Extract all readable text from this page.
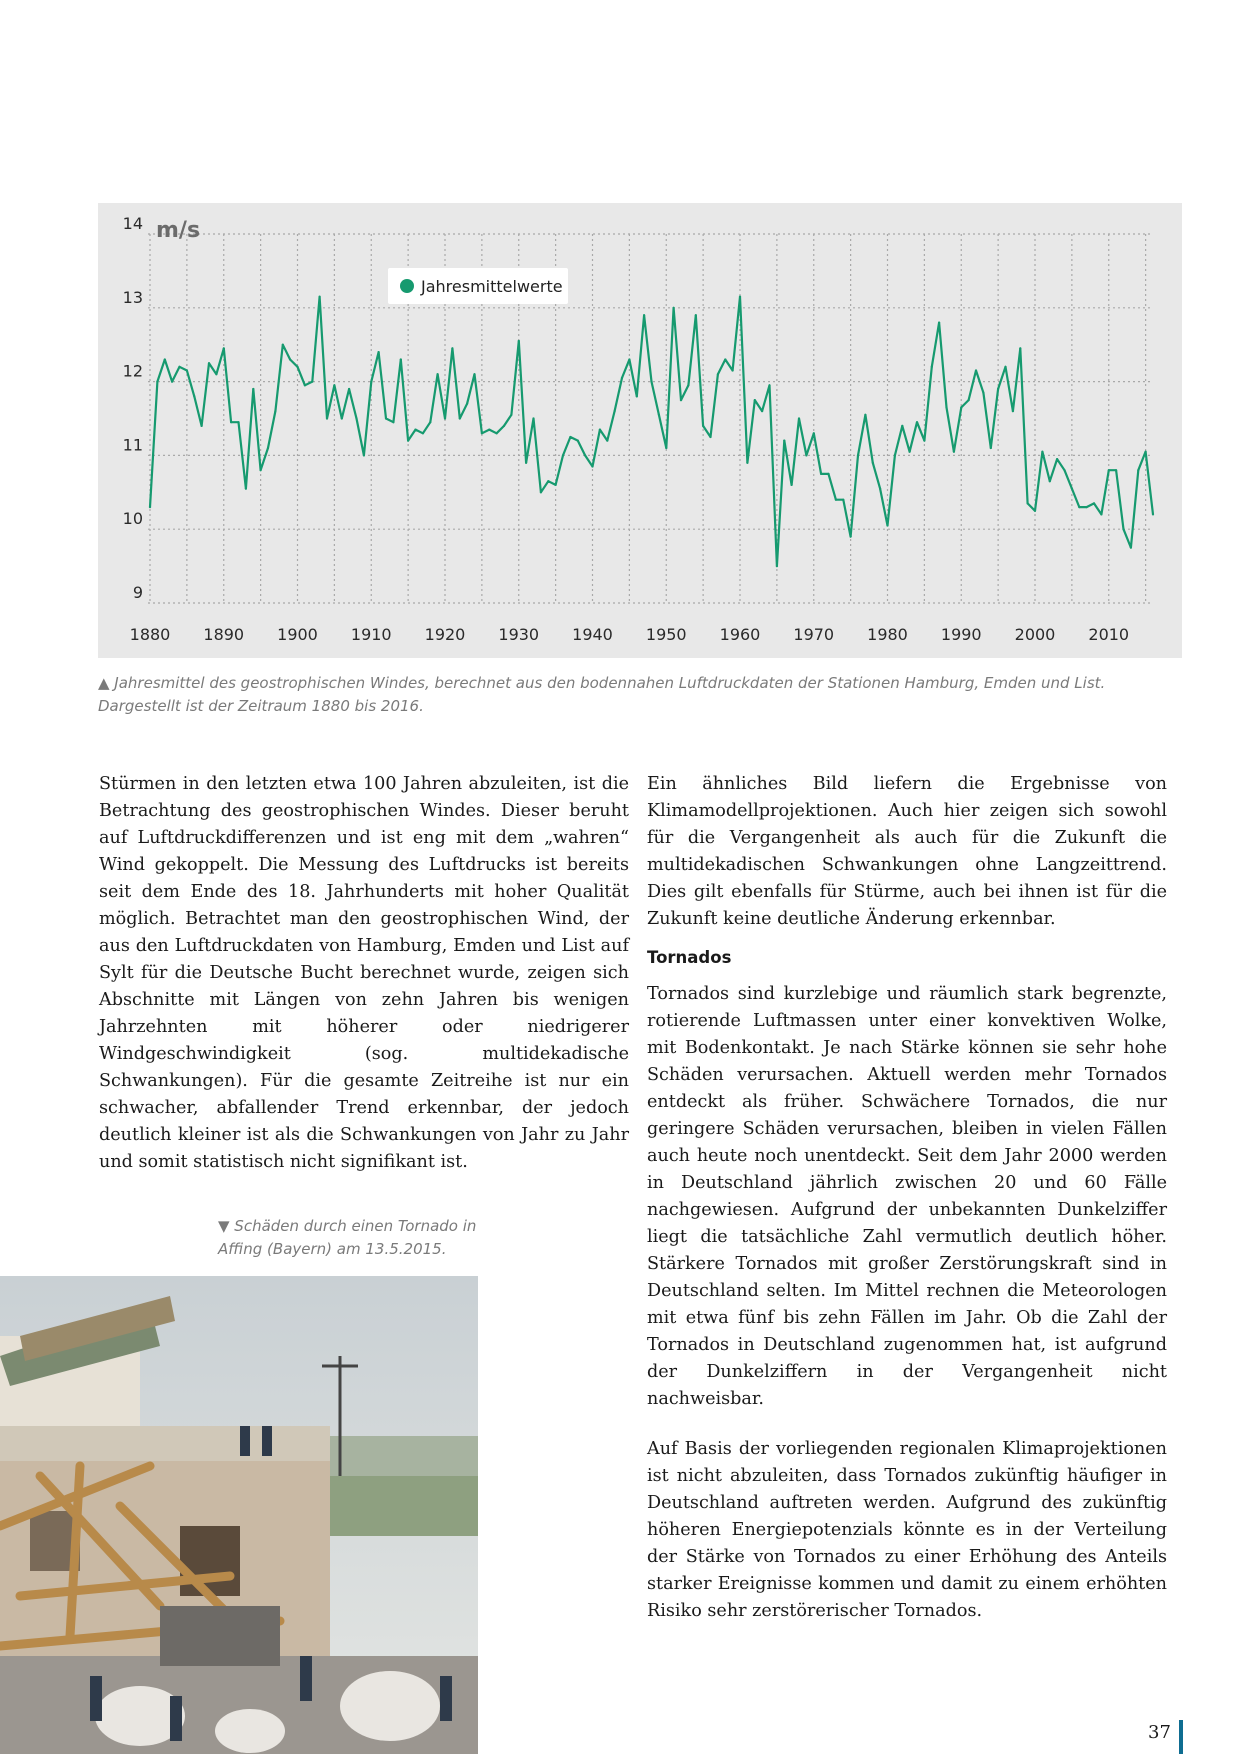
9
10
11
12
13
14
1880 1890 1900 1910 1920 1930 1940 1950 1960 1970 1980 1990 2000 2010
m/s
Jahresmittelwerte

▲ Jahresmittel des geostrophischen Windes, berechnet aus den bodennahen Luftdruckdaten der Stationen Hamburg, Emden und List. Dargestellt ist der Zeitraum 1880 bis 2016.

Stürmen in den letzten etwa 100 Jahren abzuleiten, ist die Betrachtung des geostrophischen Windes. Dieser beruht auf Luftdruckdifferenzen und ist eng mit dem „wahren“ Wind gekoppelt. Die Messung des Luftdrucks ist bereits seit dem Ende des 18. Jahrhunderts mit hoher Qualität möglich. Betrachtet man den geostrophischen Wind, der aus den Luftdruckdaten von Hamburg, Emden und List auf Sylt für die Deutsche Bucht berechnet wurde, zeigen sich Abschnitte mit Längen von zehn Jahren bis wenigen Jahrzehnten mit höherer oder niedrigerer Windgeschwindigkeit (sog. multidekadische Schwankungen). Für die gesamte Zeitreihe ist nur ein schwacher, abfallender Trend erkennbar, der jedoch deutlich kleiner ist als die Schwankungen von Jahr zu Jahr und somit statistisch nicht signifikant ist.

▼ Schäden durch einen Tornado in Affing (Bayern) am 13.5.2015.

Ein ähnliches Bild liefern die Ergebnisse von Klimamodellprojektionen. Auch hier zeigen sich sowohl für die Vergangenheit als auch für die Zukunft die multidekadischen Schwankungen ohne Langzeittrend. Dies gilt ebenfalls für Stürme, auch bei ihnen ist für die Zukunft keine deutliche Änderung erkennbar.

Tornados

Tornados sind kurzlebige und räumlich stark begrenzte, rotierende Luftmassen unter einer konvektiven Wolke, mit Bodenkontakt. Je nach Stärke können sie sehr hohe Schäden verursachen. Aktuell werden mehr Tornados entdeckt als früher. Schwächere Tornados, die nur geringere Schäden verursachen, bleiben in vielen Fällen auch heute noch unentdeckt. Seit dem Jahr 2000 werden in Deutschland jährlich zwischen 20 und 60 Fälle nachgewiesen. Aufgrund der unbekannten Dunkelziffer liegt die tatsächliche Zahl vermutlich deutlich höher. Stärkere Tornados mit großer Zerstörungskraft sind in Deutschland selten. Im Mittel rechnen die Meteorologen mit etwa fünf bis zehn Fällen im Jahr. Ob die Zahl der Tornados in Deutschland zugenommen hat, ist aufgrund der Dunkelziffern in der Vergangenheit nicht nachweisbar.

Auf Basis der vorliegenden regionalen Klimaprojektionen ist nicht abzuleiten, dass Tornados zukünftig häufiger in Deutschland auftreten werden. Aufgrund des zukünftig höheren Energiepotenzials könnte es in der Verteilung der Stärke von Tornados zu einer Erhöhung des Anteils starker Ereignisse kommen und damit zu einem erhöhten Risiko sehr zerstörerischer Tornados.

37
